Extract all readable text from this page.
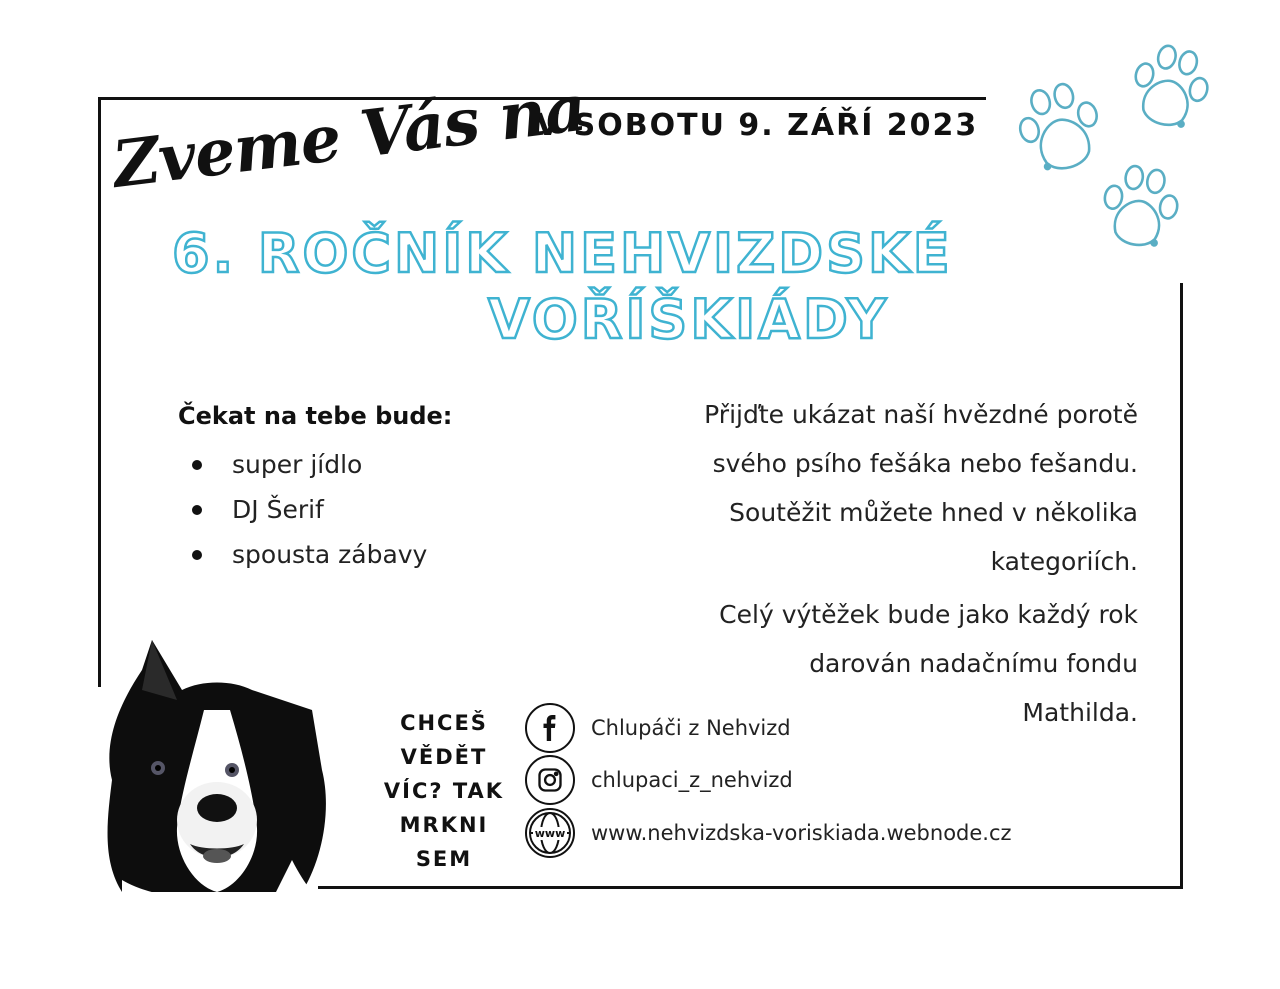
V SOBOTU 9. ZÁŘÍ 2023
Zveme Vás na
6. ROČNÍK NEHVIZDSKÉ
VOŘÍŠKIÁDY
Čekat na tebe bude:
super jídlo
DJ Šerif
spousta zábavy
Přijďte ukázat naší hvězdné porotě
svého psího fešáka nebo fešandu.
Soutěžit můžete hned v několika
kategoriích.
Celý výtěžek bude jako každý rok
darován nadačnímu fondu
Mathilda.
CHCEŠ
VĚDĚT
VÍC? TAK
MRKNI
SEM
Chlupáči z Nehvizd
chlupaci_z_nehvizd
www www.nehvizdska-voriskiada.webnode.cz
